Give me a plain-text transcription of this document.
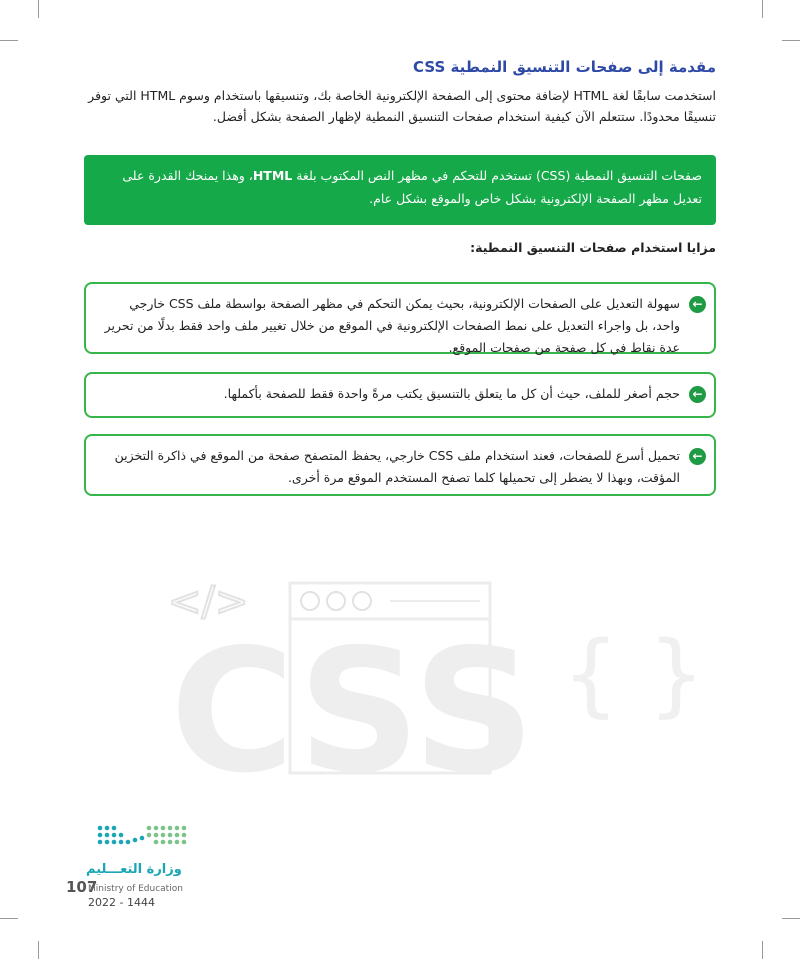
مقدمة إلى صفحات التنسيق النمطية CSS

استخدمت سابقًا لغة HTML لإضافة محتوى إلى الصفحة الإلكترونية الخاصة بك، وتنسيقها باستخدام وسوم HTML التي توفر تنسيقًا محدودًا. ستتعلم الآن كيفية استخدام صفحات التنسيق النمطية لإظهار الصفحة بشكل أفضل.

صفحات التنسيق النمطية (CSS) تستخدم للتحكم في مظهر النص المكتوب بلغة HTML، وهذا يمنحك القدرة على تعديل مظهر الصفحة الإلكترونية بشكل خاص والموقع بشكل عام.
مزايا استخدام صفحات التنسيق النمطية:
←
سهولة التعديل على الصفحات الإلكترونية، بحيث يمكن التحكم في مظهر الصفحة بواسطة ملف CSS خارجي واحد، بل واجراء التعديل على نمط الصفحات الإلكترونية في الموقع من خلال تغيير ملف واحد فقط بدلًا من تحرير عدة نقاط في كل صفحة من صفحات الموقع.
←
حجم أصغر للملف، حيث أن كل ما يتعلق بالتنسيق يكتب مرةً واحدة فقط للصفحة بأكملها.
←
تحميل أسرع للصفحات، فعند استخدام ملف CSS خارجي، يحفظ المتصفح صفحة من الموقع في ذاكرة التخزين المؤقت، وبهذا لا يضطر إلى تحميلها كلما تصفح المستخدم الموقع مرة أخرى.
</>
CSS { }
وزارة التعـــليم
107
Ministry of Education
2022 - 1444
